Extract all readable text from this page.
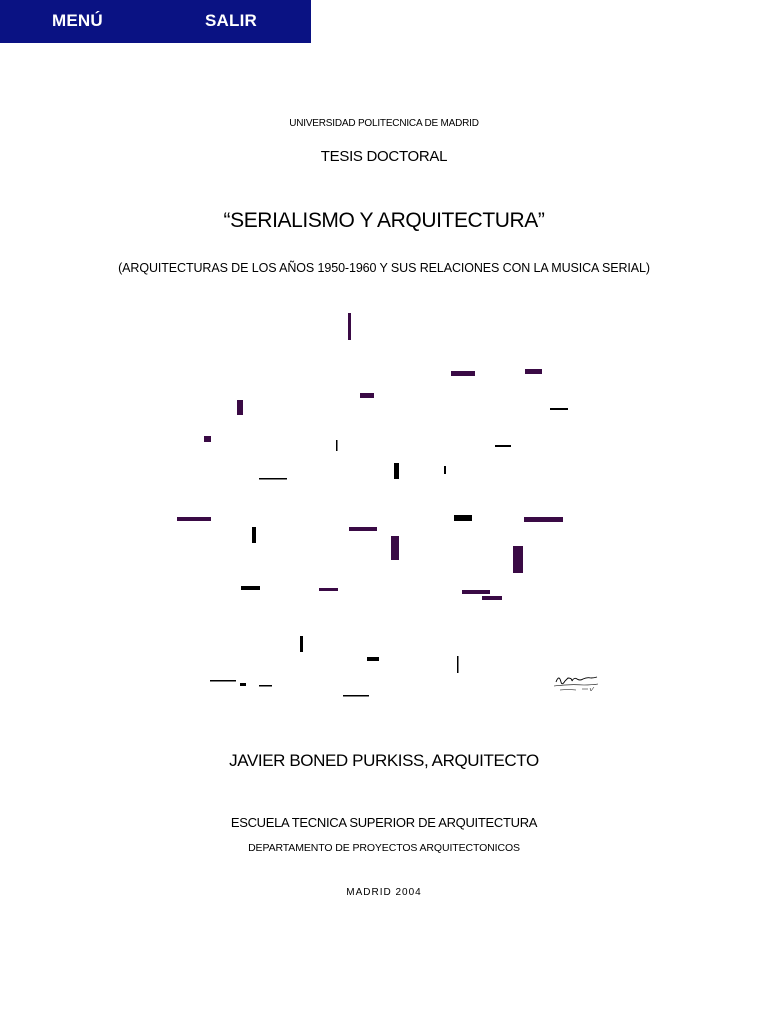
MENÚ	SALIR
UNIVERSIDAD POLITECNICA DE MADRID
TESIS DOCTORAL
“SERIALISMO Y ARQUITECTURA”
(ARQUITECTURAS DE LOS AÑOS 1950-1960 Y SUS RELACIONES CON LA MUSICA SERIAL)
JAVIER BONED PURKISS, ARQUITECTO
ESCUELA TECNICA SUPERIOR DE ARQUITECTURA
DEPARTAMENTO DE PROYECTOS ARQUITECTONICOS
MADRID 2004
